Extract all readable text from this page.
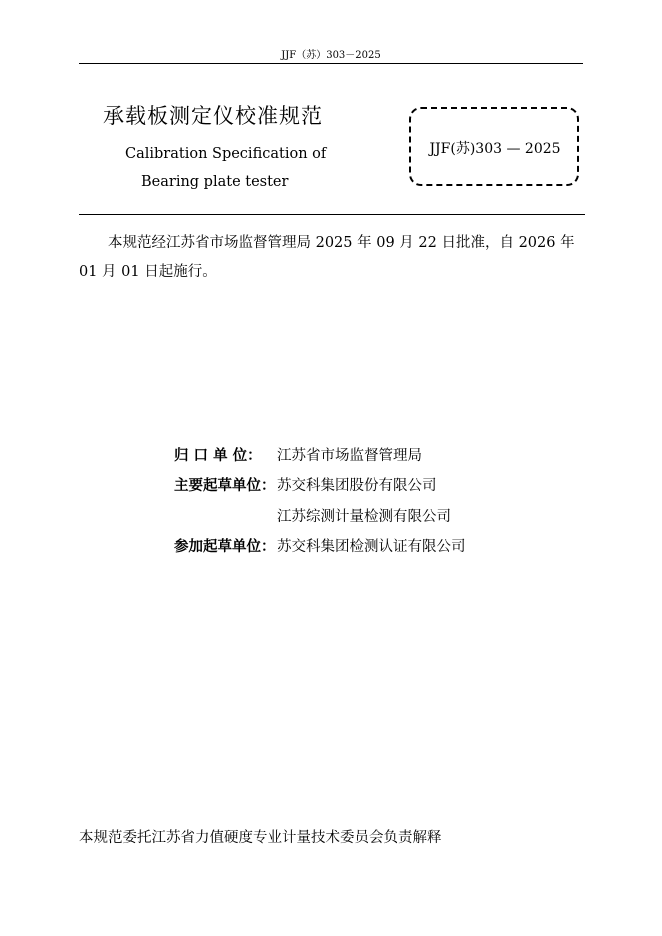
JJF（苏）303－2025
承载板测定仪校准规范
Calibration Specification of
Bearing plate tester
JJF(苏)303 — 2025
本规范经江苏省市场监督管理局 2025 年 09 月 22 日批准，自 2026 年 01 月 01 日起施行。
归 口 单 位： 江苏省市场监督管理局
主要起草单位： 苏交科集团股份有限公司
江苏综测计量检测有限公司
参加起草单位： 苏交科集团检测认证有限公司
本规范委托江苏省力值硬度专业计量技术委员会负责解释
